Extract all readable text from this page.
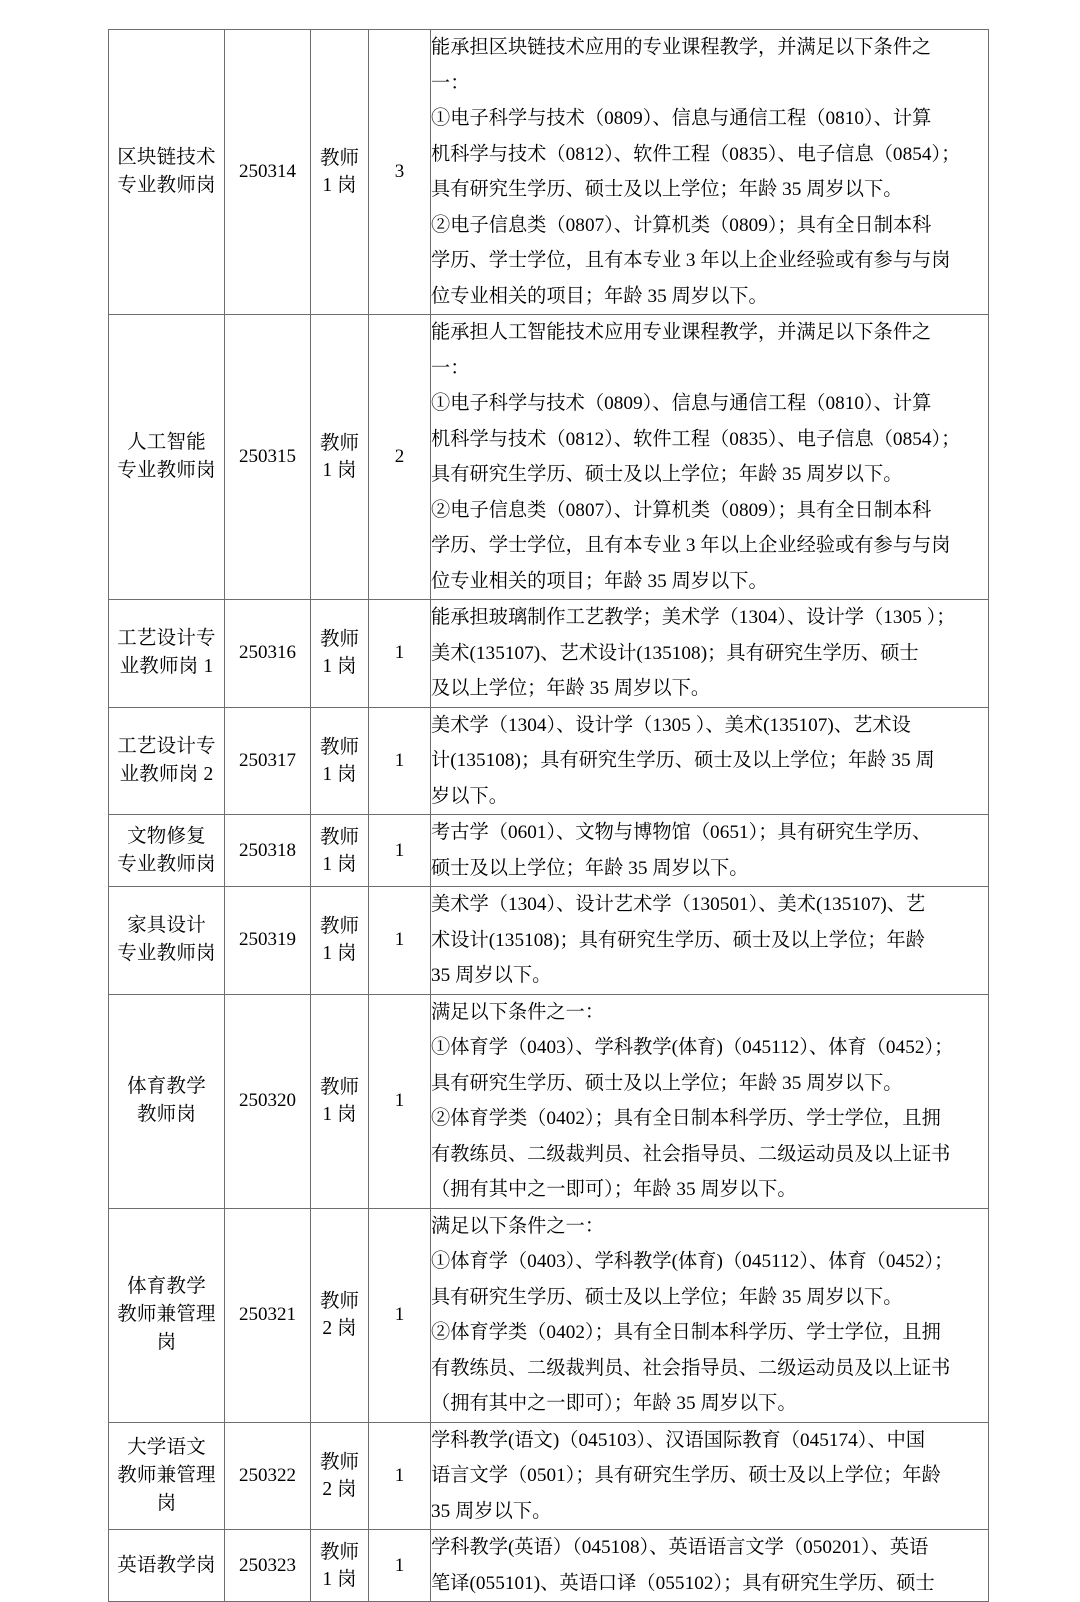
区块链技术
专业教师岗
	250314	
教师
1 岗
	3	
能承担区块链技术应用的专业课程教学，并满足以下条件之
一：
①电子科学与技术（0809）、信息与通信工程（0810）、计算
机科学与技术（0812）、软件工程（0835）、电子信息（0854）；
具有研究生学历、硕士及以上学位；年龄 35 周岁以下。
②电子信息类（0807）、计算机类（0809）；具有全日制本科
学历、学士学位，且有本专业 3 年以上企业经验或有参与与岗
位专业相关的项目；年龄 35 周岁以下。

人工智能
专业教师岗
	250315	
教师
1 岗
	2	
能承担人工智能技术应用专业课程教学，并满足以下条件之
一：
①电子科学与技术（0809）、信息与通信工程（0810）、计算
机科学与技术（0812）、软件工程（0835）、电子信息（0854）；
具有研究生学历、硕士及以上学位；年龄 35 周岁以下。
②电子信息类（0807）、计算机类（0809）；具有全日制本科
学历、学士学位，且有本专业 3 年以上企业经验或有参与与岗
位专业相关的项目；年龄 35 周岁以下。

工艺设计专
业教师岗 1	250316	教师
1 岗	1	能承担玻璃制作工艺教学；美术学（1304）、设计学（1305 ）；
美术(135107)、艺术设计(135108)；具有研究生学历、硕士
及以上学位；年龄 35 周岁以下。

工艺设计专
业教师岗 2	250317	教师
1 岗	1	美术学（1304）、设计学（1305 ）、美术(135107)、艺术设
计(135108)；具有研究生学历、硕士及以上学位；年龄 35 周
岁以下。

文物修复
专业教师岗	250318	教师
1 岗	1	考古学（0601）、文物与博物馆（0651）；具有研究生学历、
硕士及以上学位；年龄 35 周岁以下。

家具设计
专业教师岗	250319	教师
1 岗	1	美术学（1304）、设计艺术学（130501）、美术(135107)、艺
术设计(135108)；具有研究生学历、硕士及以上学位；年龄
35 周岁以下。

体育教学
教师岗
	250320	
教师
1 岗
	1	
满足以下条件之一：
①体育学（0403）、学科教学(体育)（045112）、体育（0452）；
具有研究生学历、硕士及以上学位；年龄 35 周岁以下。
②体育学类（0402）；具有全日制本科学历、学士学位，且拥
有教练员、二级裁判员、社会指导员、二级运动员及以上证书
（拥有其中之一即可）；年龄 35 周岁以下。

体育教学
教师兼管理
岗
	250321	
教师
2 岗
	1	
满足以下条件之一：
①体育学（0403）、学科教学(体育)（045112）、体育（0452）；
具有研究生学历、硕士及以上学位；年龄 35 周岁以下。
②体育学类（0402）；具有全日制本科学历、学士学位，且拥
有教练员、二级裁判员、社会指导员、二级运动员及以上证书
（拥有其中之一即可）；年龄 35 周岁以下。

大学语文
教师兼管理
岗	250322	教师
2 岗	1	学科教学(语文)（045103）、汉语国际教育（045174）、中国
语言文学（0501）；具有研究生学历、硕士及以上学位；年龄
35 周岁以下。

英语教学岗	250323	教师
1 岗	1	学科教学(英语）（045108）、英语语言文学（050201）、英语
笔译(055101)、英语口译（055102）；具有研究生学历、硕士
